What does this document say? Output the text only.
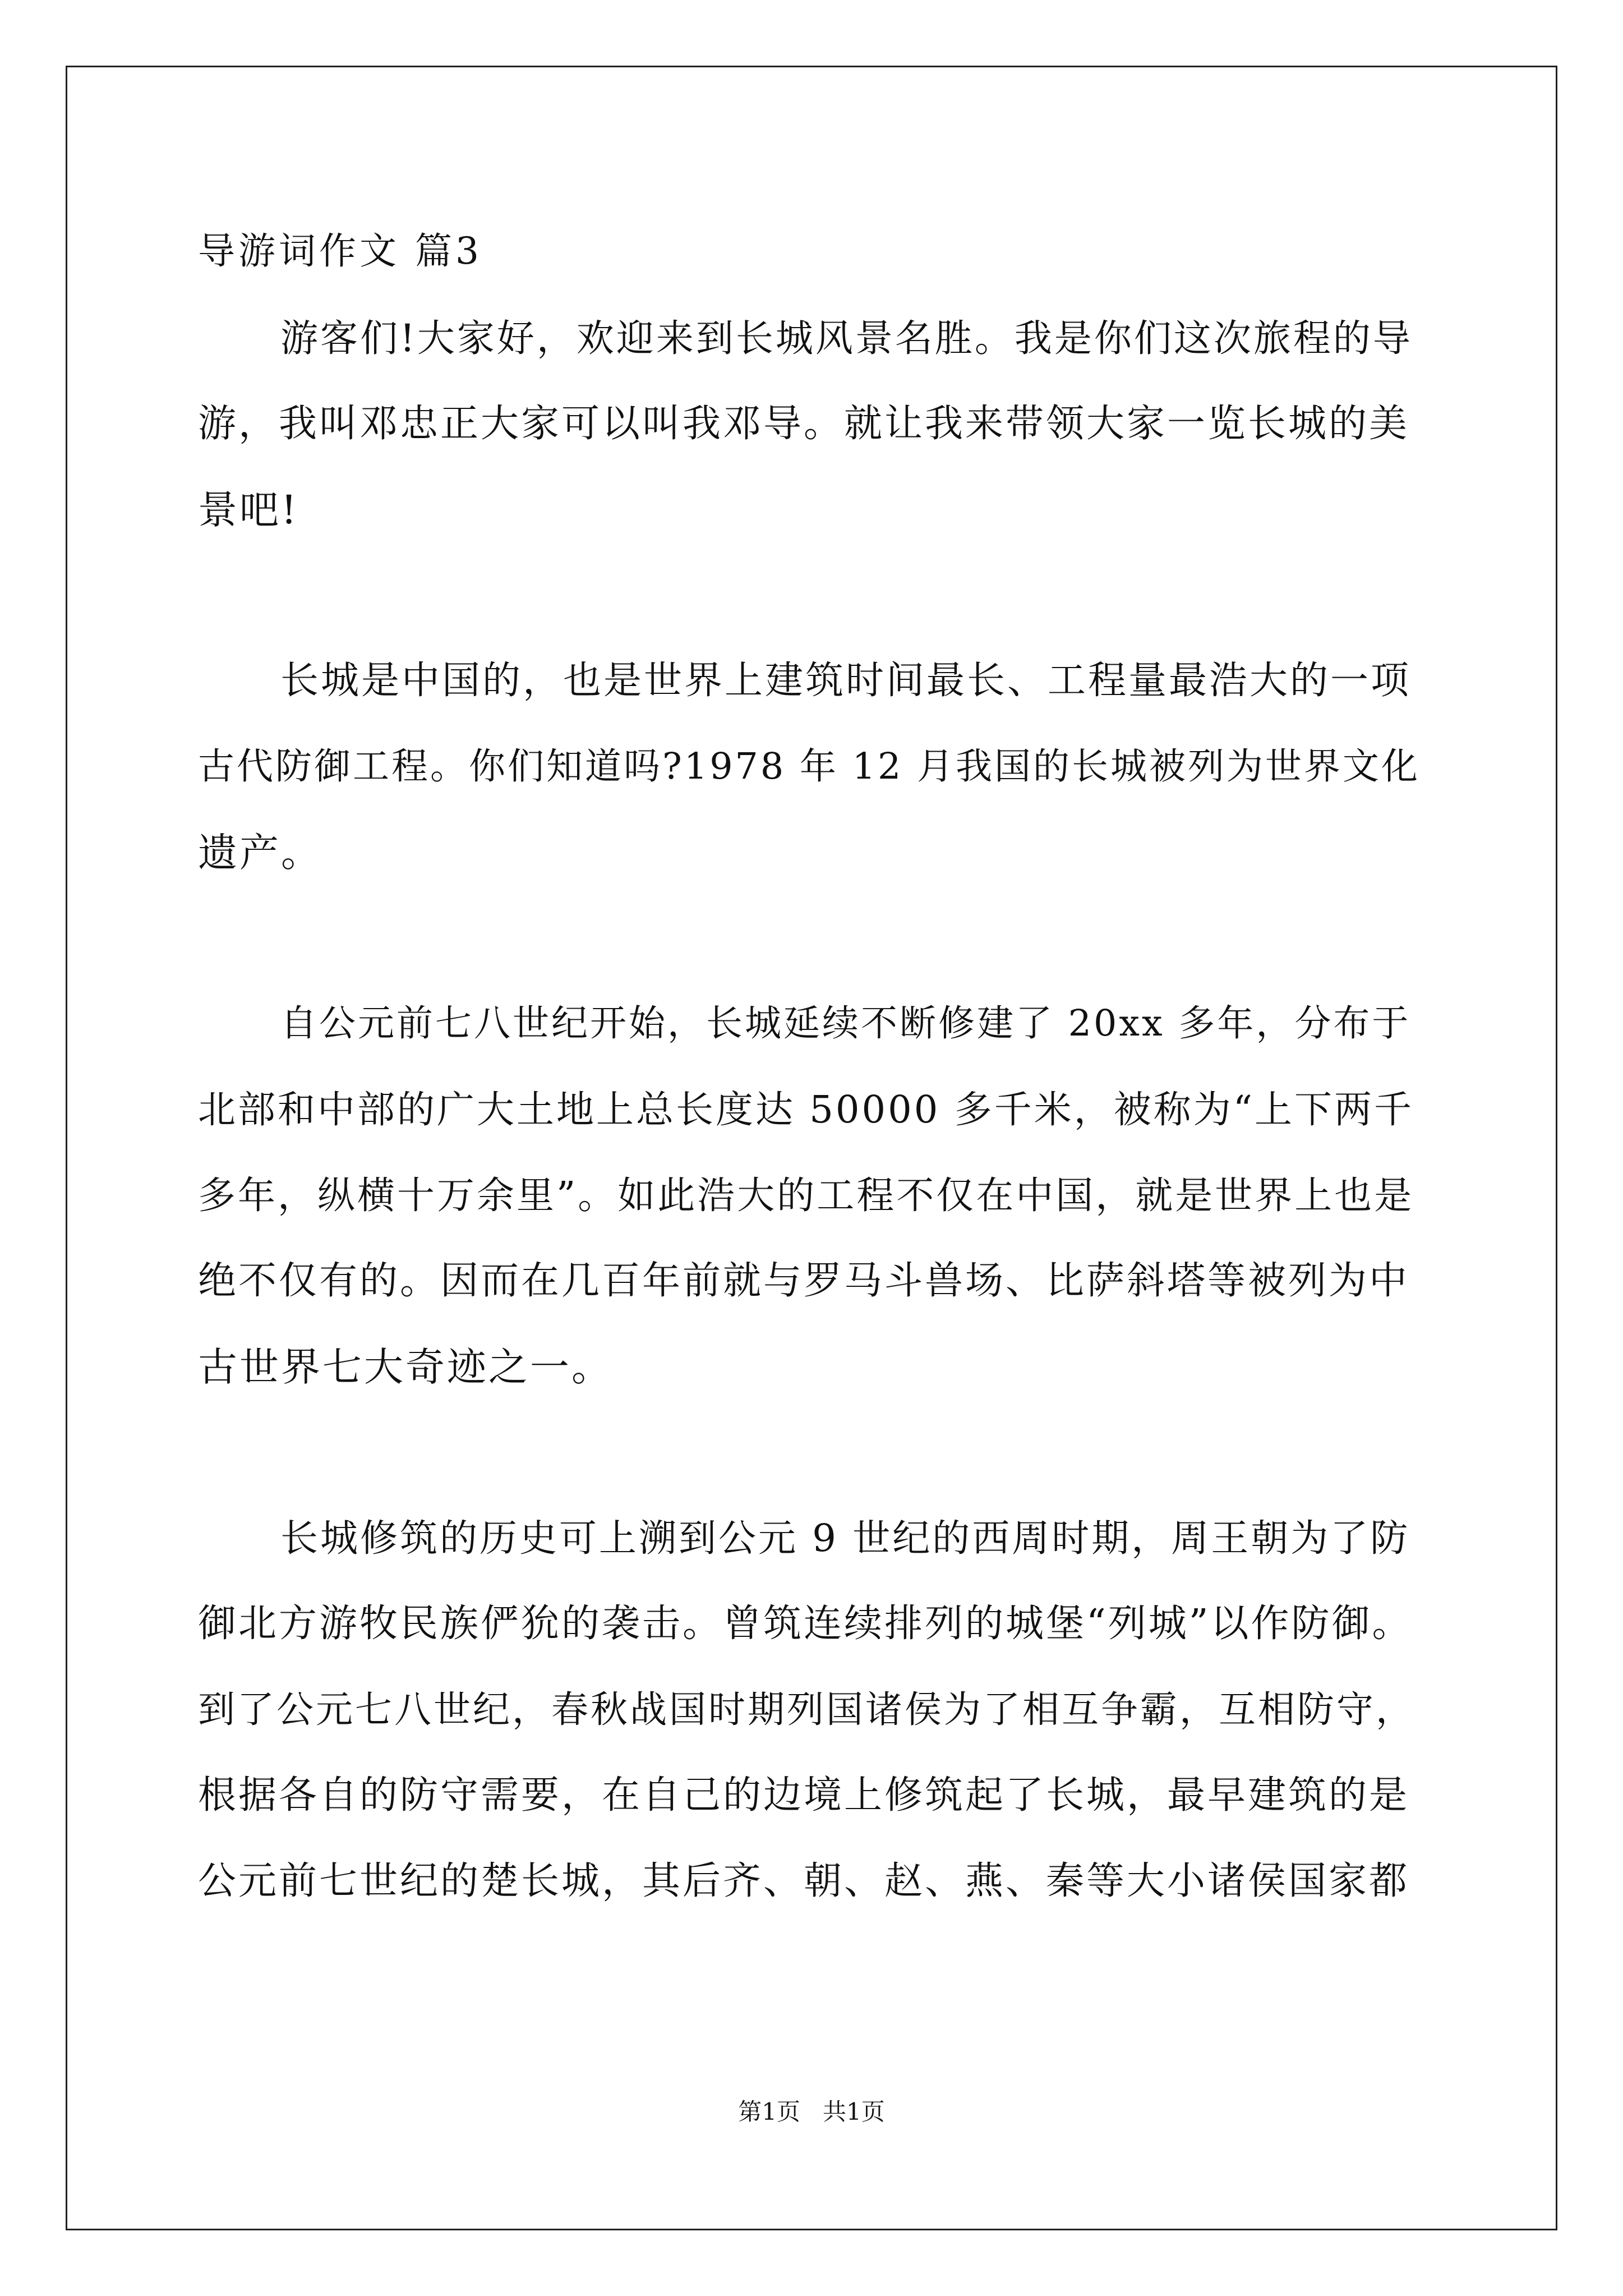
导游词作文 篇3
游客们!大家好，欢迎来到长城风景名胜。我是你们这次旅程的导
游，我叫邓忠正大家可以叫我邓导。就让我来带领大家一览长城的美
景吧!
长城是中国的，也是世界上建筑时间最长、工程量最浩大的一项
古代防御工程。你们知道吗?1978 年 12 月我国的长城被列为世界文化
遗产。
自公元前七八世纪开始，长城延续不断修建了 20xx 多年，分布于
北部和中部的广大土地上总长度达 50000 多千米，被称为“上下两千
多年，纵横十万余里”。如此浩大的工程不仅在中国，就是世界上也是
绝不仅有的。因而在几百年前就与罗马斗兽场、比萨斜塔等被列为中
古世界七大奇迹之一。
长城修筑的历史可上溯到公元 9 世纪的西周时期，周王朝为了防
御北方游牧民族俨狁的袭击。曾筑连续排列的城堡“列城”以作防御。
到了公元七八世纪，春秋战国时期列国诸侯为了相互争霸，互相防守，
根据各自的防守需要，在自己的边境上修筑起了长城，最早建筑的是
公元前七世纪的楚长城，其后齐、朝、赵、燕、秦等大小诸侯国家都
第1页   共1页
